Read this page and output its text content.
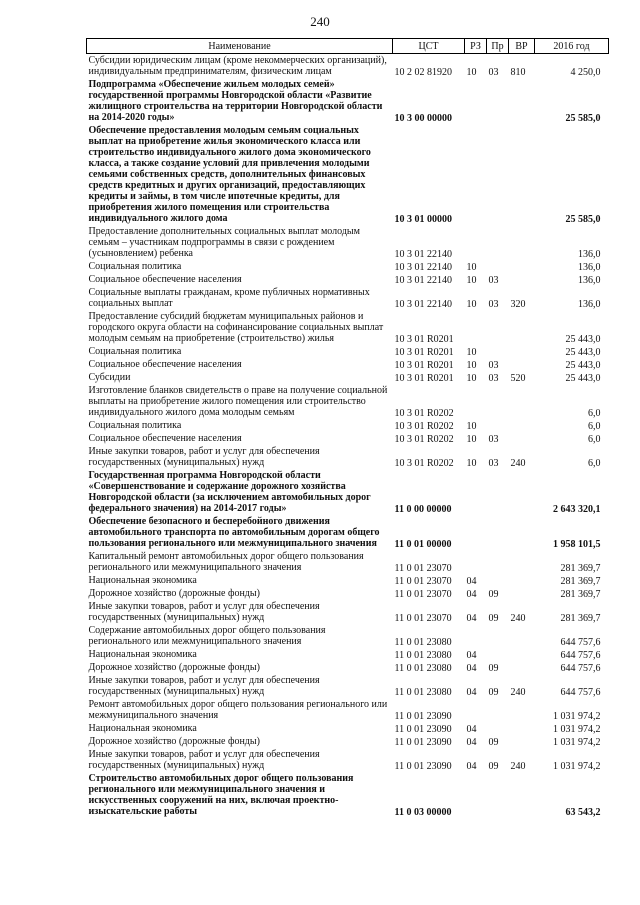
240
Наименование	ЦСТ	РЗ	Пр	ВР	2016 год
Субсидии юридическим лицам (кроме некоммерческих организаций), индивидуальным предпринимателям, физическим лицам	10 2 02 81920	10	03	810	4 250,0
Подпрограмма «Обеспечение жильем молодых семей» государственной программы Новгородской области «Развитие жилищного строительства на территории Новгородской области на 2014-2020 годы»	10 3 00 00000				25 585,0
Обеспечение предоставления молодым семьям социальных выплат на приобретение жилья экономического класса или строительство индивидуального жилого дома экономического класса, а также создание условий для привлечения молодыми семьями собственных средств, дополнительных финансовых средств кредитных и других организаций, предоставляющих кредиты и займы, в том числе ипотечные кредиты, для приобретения жилого помещения или строительства индивидуального жилого дома	10 3 01 00000				25 585,0
Предоставление дополнительных социальных выплат молодым семьям – участникам подпрограммы в связи с рождением (усыновлением) ребенка	10 3 01 22140				136,0
Социальная политика	10 3 01 22140	10			136,0
Социальное обеспечение населения	10 3 01 22140	10	03		136,0
Социальные выплаты гражданам, кроме публичных нормативных социальных выплат	10 3 01 22140	10	03	320	136,0
Предоставление субсидий бюджетам муниципальных районов и городского округа области на софинансирование социальных выплат молодым семьям на приобретение (строительство) жилья	10 3 01 R0201				25 443,0
Социальная политика	10 3 01 R0201	10			25 443,0
Социальное обеспечение населения	10 3 01 R0201	10	03		25 443,0
Субсидии	10 3 01 R0201	10	03	520	25 443,0
Изготовление бланков свидетельств о праве на получение социальной выплаты на приобретение жилого помещения или строительство индивидуального жилого дома молодым семьям	10 3 01 R0202				6,0
Социальная политика	10 3 01 R0202	10			6,0
Социальное обеспечение населения	10 3 01 R0202	10	03		6,0
Иные закупки товаров, работ и услуг для обеспечения государственных (муниципальных) нужд	10 3 01 R0202	10	03	240	6,0
Государственная программа Новгородской области «Совершенствование и содержание дорожного хозяйства Новгородской области (за исключением автомобильных дорог федерального значения) на 2014-2017 годы»	11 0 00 00000				2 643 320,1
Обеспечение безопасного и бесперебойного движения автомобильного транспорта по автомобильным дорогам общего пользования регионального или межмуниципального значения	11 0 01 00000				1 958 101,5
Капитальный ремонт автомобильных дорог общего пользования регионального или межмуниципального значения	11 0 01 23070				281 369,7
Национальная экономика	11 0 01 23070	04			281 369,7
Дорожное хозяйство (дорожные фонды)	11 0 01 23070	04	09		281 369,7
Иные закупки товаров, работ и услуг для обеспечения государственных (муниципальных) нужд	11 0 01 23070	04	09	240	281 369,7
Содержание автомобильных дорог общего пользования регионального или межмуниципального значения	11 0 01 23080				644 757,6
Национальная экономика	11 0 01 23080	04			644 757,6
Дорожное хозяйство (дорожные фонды)	11 0 01 23080	04	09		644 757,6
Иные закупки товаров, работ и услуг для обеспечения государственных (муниципальных) нужд	11 0 01 23080	04	09	240	644 757,6
Ремонт автомобильных дорог общего пользования регионального или межмуниципального значения	11 0 01 23090				1 031 974,2
Национальная экономика	11 0 01 23090	04			1 031 974,2
Дорожное хозяйство (дорожные фонды)	11 0 01 23090	04	09		1 031 974,2
Иные закупки товаров, работ и услуг для обеспечения государственных (муниципальных) нужд	11 0 01 23090	04	09	240	1 031 974,2
Строительство автомобильных дорог общего пользования регионального или межмуниципального значения и искусственных сооружений на них, включая проектно-изыскательские работы	11 0 03 00000				63 543,2
